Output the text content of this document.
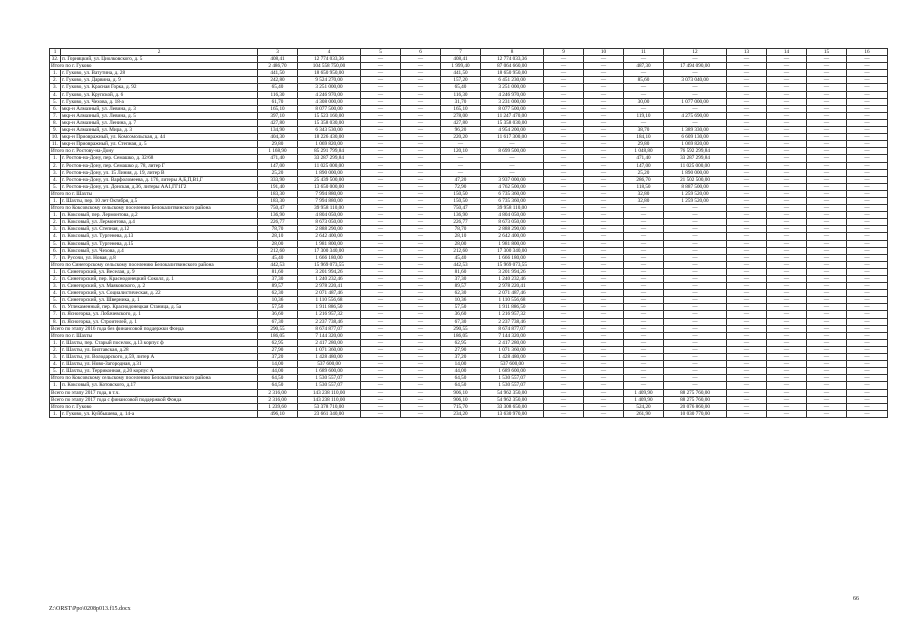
1	2	3	4	5	6	7	8	9	10	11	12	13	14	15	16
32.	п. Горняцкий, ул. Циолковского, д. 5	408,41	12 774 033,36	—	—	408,41	12 774 033,36	—	—	—	—	—	—	—	—
Итого по г. Гуково		2 486,70	104 558 750,00	—	—	1 999,40	87 064 660,00	—	—	487,30	17 494 090,00	—	—	—	—
1.	г. Гуково, ул. Ватутина, д. 28	441,50	18 650 950,00	—	—	441,50	18 650 950,00	—	—	—	—	—	—	—	—
2.	г. Гуково, ул. Дарвина, д. 9	242,80	9 524 270,00	—	—	157,20	6 451 230,00	—	—	85,60	3 073 040,00	—	—	—	—
3.	г. Гуково, ул. Красная Горка, д. 92	65,40	3 251 000,00	—	—	65,40	3 251 000,00	—	—	—	—	—	—	—	—
4.	г. Гуково, ул. Крупской, д. 6	116,30	4 246 970,00	—	—	116,30	4 246 970,00	—	—	—	—	—	—	—	—
5.	г. Гуково, ул. Чехова, д. 18-а	61,70	4 308 000,00	—	—	31,70	3 231 000,00	—	—	30,00	1 077 000,00	—	—	—	—
6.	мкр-н Алмазный, ул. Левина, д. 3	165,10	8 077 500,00	—	—	165,10	8 077 500,00	—	—	—	—	—	—	—	—
7.	мкр-н Алмазный, ул. Левина, д. 5	397,10	15 523 160,00	—	—	278,00	11 247 470,00	—	—	119,10	4 275 690,00	—	—	—	—
8.	мкр-н Алмазный, ул. Ленина, д. 7	427,80	15 358 030,00	—	—	427,80	15 358 030,00	—	—	—	—	—	—	—	—
9.	мкр-н Алмазный, ул. Мира, д. 3	134,90	6 343 530,00	—	—	96,20	4 954 200,00	—	—	38,70	1 389 330,00	—	—	—	—
10.	мкр-н Приовражный, ул. Комсомольская, д. 44	404,30	18 226 430,00	—	—	220,20	11 617 300,00	—	—	184,10	6 609 130,00	—	—	—	—
11.	мкр-н Приовражный, ул. Степная, д. 5	29,80	1 069 820,00	—	—	—	—	—	—	29,80	1 069 820,00	—	—	—	—
Итого по г. Ростову-на-Дону		1 168,90	85 291 799,84	—	—	120,10	8 699 500,00	—	—	1 048,80	76 592 299,84	—	—	—	—
1.	г. Ростов-на-Дону, пер. Семашко, д. 32/68	471,40	33 287 299,84	—	—	—	—	—	—	471,40	33 287 299,84	—	—	—	—
2.	г. Ростов-на-Дону, пер. Семашко д. 78, литер Г	147,00	11 025 000,00	—	—	—	—	—	—	147,00	11 025 000,00	—	—	—	—
3.	г. Ростов-на-Дону, ул. 15 Линия, д. 19, литер В	25,20	1 890 000,00	—	—	—	—	—	—	25,20	1 890 000,00	—	—	—	—
4.	г. Ростов-на-Дону, ул. Варфоломеева, д. 176, литеры А,Б,П,В1,Г	333,90	25 439 500,00	—	—	47,20	3 937 000,00	—	—	286,70	21 502 500,00	—	—	—	—
5.	г. Ростов-на-Дону, ул. Донская, д.36, литеры АА1,ГГ1Г2	191,40	13 650 000,00	—	—	72,90	4 762 500,00	—	—	118,50	8 887 500,00	—	—	—	—
Итого по г. Шахты		183,30	7 994 880,00	—	—	150,50	6 735 360,00	—	—	32,80	1 259 520,00	—	—	—	—
1.	г. Шахты, пер. 10 лет Октября, д.5	183,30	7 994 880,00	—	—	150,50	6 735 360,00	—	—	32,80	1 259 520,00	—	—	—	—
Итого по Коксовскому сельскому поселению Белокалитвинского района		750,47	39 958 110,00	—	—	750,47	39 958 110,00	—	—	—	—	—	—	—	—
1.	п. Коксовый, пер. Лермонтова, д.2	136,90	4 804 050,00	—	—	136,90	4 804 050,00	—	—	—	—	—	—	—	—
2.	п. Коксовый, ул. Лермонтова, д.4	226,77	8 673 050,00	—	—	226,77	8 673 050,00	—	—	—	—	—	—	—	—
3.	п. Коксовый, ул. Степная, д.12	78,70	2 888 290,00	—	—	78,70	2 888 290,00	—	—	—	—	—	—	—	—
4.	п. Коксовый, ул. Тургенева, д.13	28,10	2 642 400,00	—	—	28,10	2 642 400,00	—	—	—	—	—	—	—	—
5.	п. Коксовый, ул. Тургенева, д.15	28,00	1 981 800,00	—	—	28,00	1 981 800,00	—	—	—	—	—	—	—	—
6.	п. Коксовый, ул. Чехова, д.4	212,60	17 300 340,00	—	—	212,60	17 300 340,00	—	—	—	—	—	—	—	—
7.	п. Русочи, ул. Новая, д.8	45,40	1 666 180,00	—	—	45,40	1 666 180,00	—	—	—	—	—	—	—	—
Итого по Синегорскому сельскому поселению Белокалитвинского района		442,53	15 969 073,55	—	—	442,53	15 969 073,55	—	—	—	—	—	—	—	—
1.	п. Синегорский, ул. Веселая, д. 9	81,60	3 201 994,26	—	—	81,60	3 201 994,26	—	—	—	—	—	—	—	—
2.	п. Синегорский, пер. Краснодонецкий Соколл, д. 1	37,30	1 240 232,46	—	—	37,30	1 240 232,46	—	—	—	—	—	—	—	—
3.	п. Синегорский, ул. Маяковского, д. 2	89,57	2 978 220,41	—	—	89,57	2 978 220,41	—	—	—	—	—	—	—	—
4.	п. Синегорский, ул. Социалистическая, д. 22	62,30	2 071 487,46	—	—	62,30	2 071 487,46	—	—	—	—	—	—	—	—
5.	п. Синегорский, ул. Шверника, д. 1	10,36	1 110 556,68	—	—	10,36	1 110 556,68	—	—	—	—	—	—	—	—
6.	п. Углекаменный, пер. Краснодонецкая Станица, д. 5а	57,50	1 911 886,50	—	—	57,50	1 911 886,50	—	—	—	—	—	—	—	—
7.	п. Ясногорка, ул. Лобачевского, д. 1	36,60	1 216 957,32	—	—	36,60	1 216 957,32	—	—	—	—	—	—	—	—
8.	п. Ясногорка, ул. Строителей, д. 1	67,30	2 237 738,46	—	—	67,30	2 237 738,46	—	—	—	—	—	—	—	—
Всего по этапу 2016 года без финансовой поддержки Фонда		290,55	8 674 877,07	—	—	290,55	8 674 877,07	—	—	—	—	—	—	—	—
Итого по г. Шахты		186,05	7 144 320,00	—	—	186,05	7 144 320,00	—	—	—	—	—	—	—	—
1.	г. Шахты, пер. Старый поселок, д.13 корпус ф	62,95	2 417 280,00	—	—	62,95	2 417 280,00	—	—	—	—	—	—	—	—
2.	г. Шахты, ул. Билтавская, д.28	27,90	1 071 360,00	—	—	27,90	1 071 360,00	—	—	—	—	—	—	—	—
3.	г. Шахты, ул. Володарского, д.59, литер А	37,20	1 428 480,00	—	—	37,20	1 428 480,00	—	—	—	—	—	—	—	—
4.	г. Шахты, ул. Ново-Загородная, д.31	14,00	537 600,00	—	—	14,00	537 600,00	—	—	—	—	—	—	—	—
5.	г. Шахты, ул. Терриконная, д.20 корпус А	44,00	1 689 600,00	—	—	44,00	1 689 600,00	—	—	—	—	—	—	—	—
Итого по Коксовскому сельскому поселению Белокалитвинского района		64,50	1 530 557,07	—	—	64,50	1 530 557,07	—	—	—	—	—	—	—	—
1.	п. Коксовый, ул. Котовского, д.17	64,50	1 530 557,07	—	—	64,50	1 530 557,07	—	—	—	—	—	—	—	—
Всего по этапу 2017 года, в т.ч.		2 316,00	143 238 110,00	—	—	906,10	54 962 350,00	—	—	1 409,90	88 275 760,00	—	—	—	—
Всего по этапу 2017 года с финансовой поддержкой Фонда		2 316,00	143 238 110,00	—	—	906,10	54 962 350,00	—	—	1 409,90	88 275 760,00	—	—	—	—
Итого по г. Гуково		1 239,60	53 378 710,00	—	—	715,70	33 308 650,00	—	—	524,20	20 076 860,00	—	—	—	—
1.	г. Гуково, ул. Куйбышева, д. 14-а	496,10	23 661 340,00	—	—	234,20	13 630 970,00	—	—	261,90	10 030 770,00	—	—	—	—
Z:\ORST\Ppo\0208p013.f15.docx
66
